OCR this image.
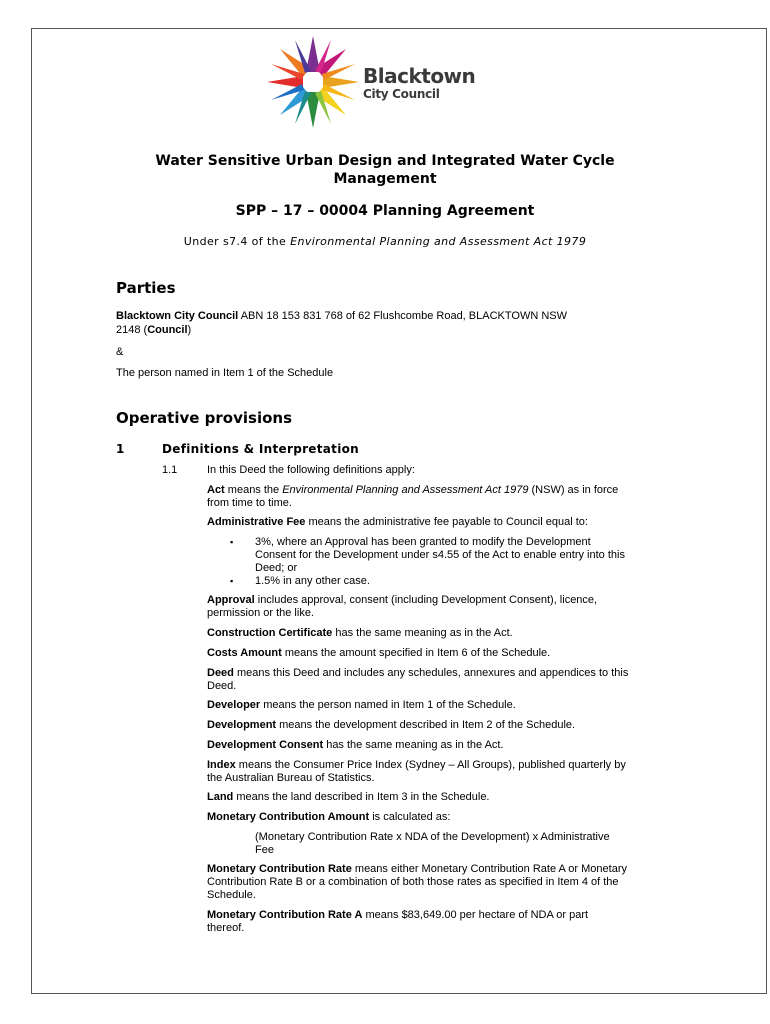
Blacktown
City Council
Water Sensitive Urban Design and Integrated Water Cycle
Management
SPP – 17 – 00004 Planning Agreement
Under s7.4 of the Environmental Planning and Assessment Act 1979
Parties
Blacktown City Council ABN 18 153 831 768 of 62 Flushcombe Road, BLACKTOWN NSW
2148 (Council)
&
The person named in Item 1 of the Schedule
Operative provisions
1	Definitions & Interpretation
1.1	In this Deed the following definitions apply:
Act means the Environmental Planning and Assessment Act 1979 (NSW) as in force
from time to time.
Administrative Fee means the administrative fee payable to Council equal to:
▪ 3%, where an Approval has been granted to modify the Development
Consent for the Development under s4.55 of the Act to enable entry into this
Deed; or
▪ 1.5% in any other case.
Approval includes approval, consent (including Development Consent), licence,
permission or the like.
Construction Certificate has the same meaning as in the Act.
Costs Amount means the amount specified in Item 6 of the Schedule.
Deed means this Deed and includes any schedules, annexures and appendices to this
Deed.
Developer means the person named in Item 1 of the Schedule.
Development means the development described in Item 2 of the Schedule.
Development Consent has the same meaning as in the Act.
Index means the Consumer Price Index (Sydney – All Groups), published quarterly by
the Australian Bureau of Statistics.
Land means the land described in Item 3 in the Schedule.
Monetary Contribution Amount is calculated as:
(Monetary Contribution Rate x NDA of the Development) x Administrative
Fee
Monetary Contribution Rate means either Monetary Contribution Rate A or Monetary
Contribution Rate B or a combination of both those rates as specified in Item 4 of the
Schedule.
Monetary Contribution Rate A means $83,649.00 per hectare of NDA or part
thereof.
